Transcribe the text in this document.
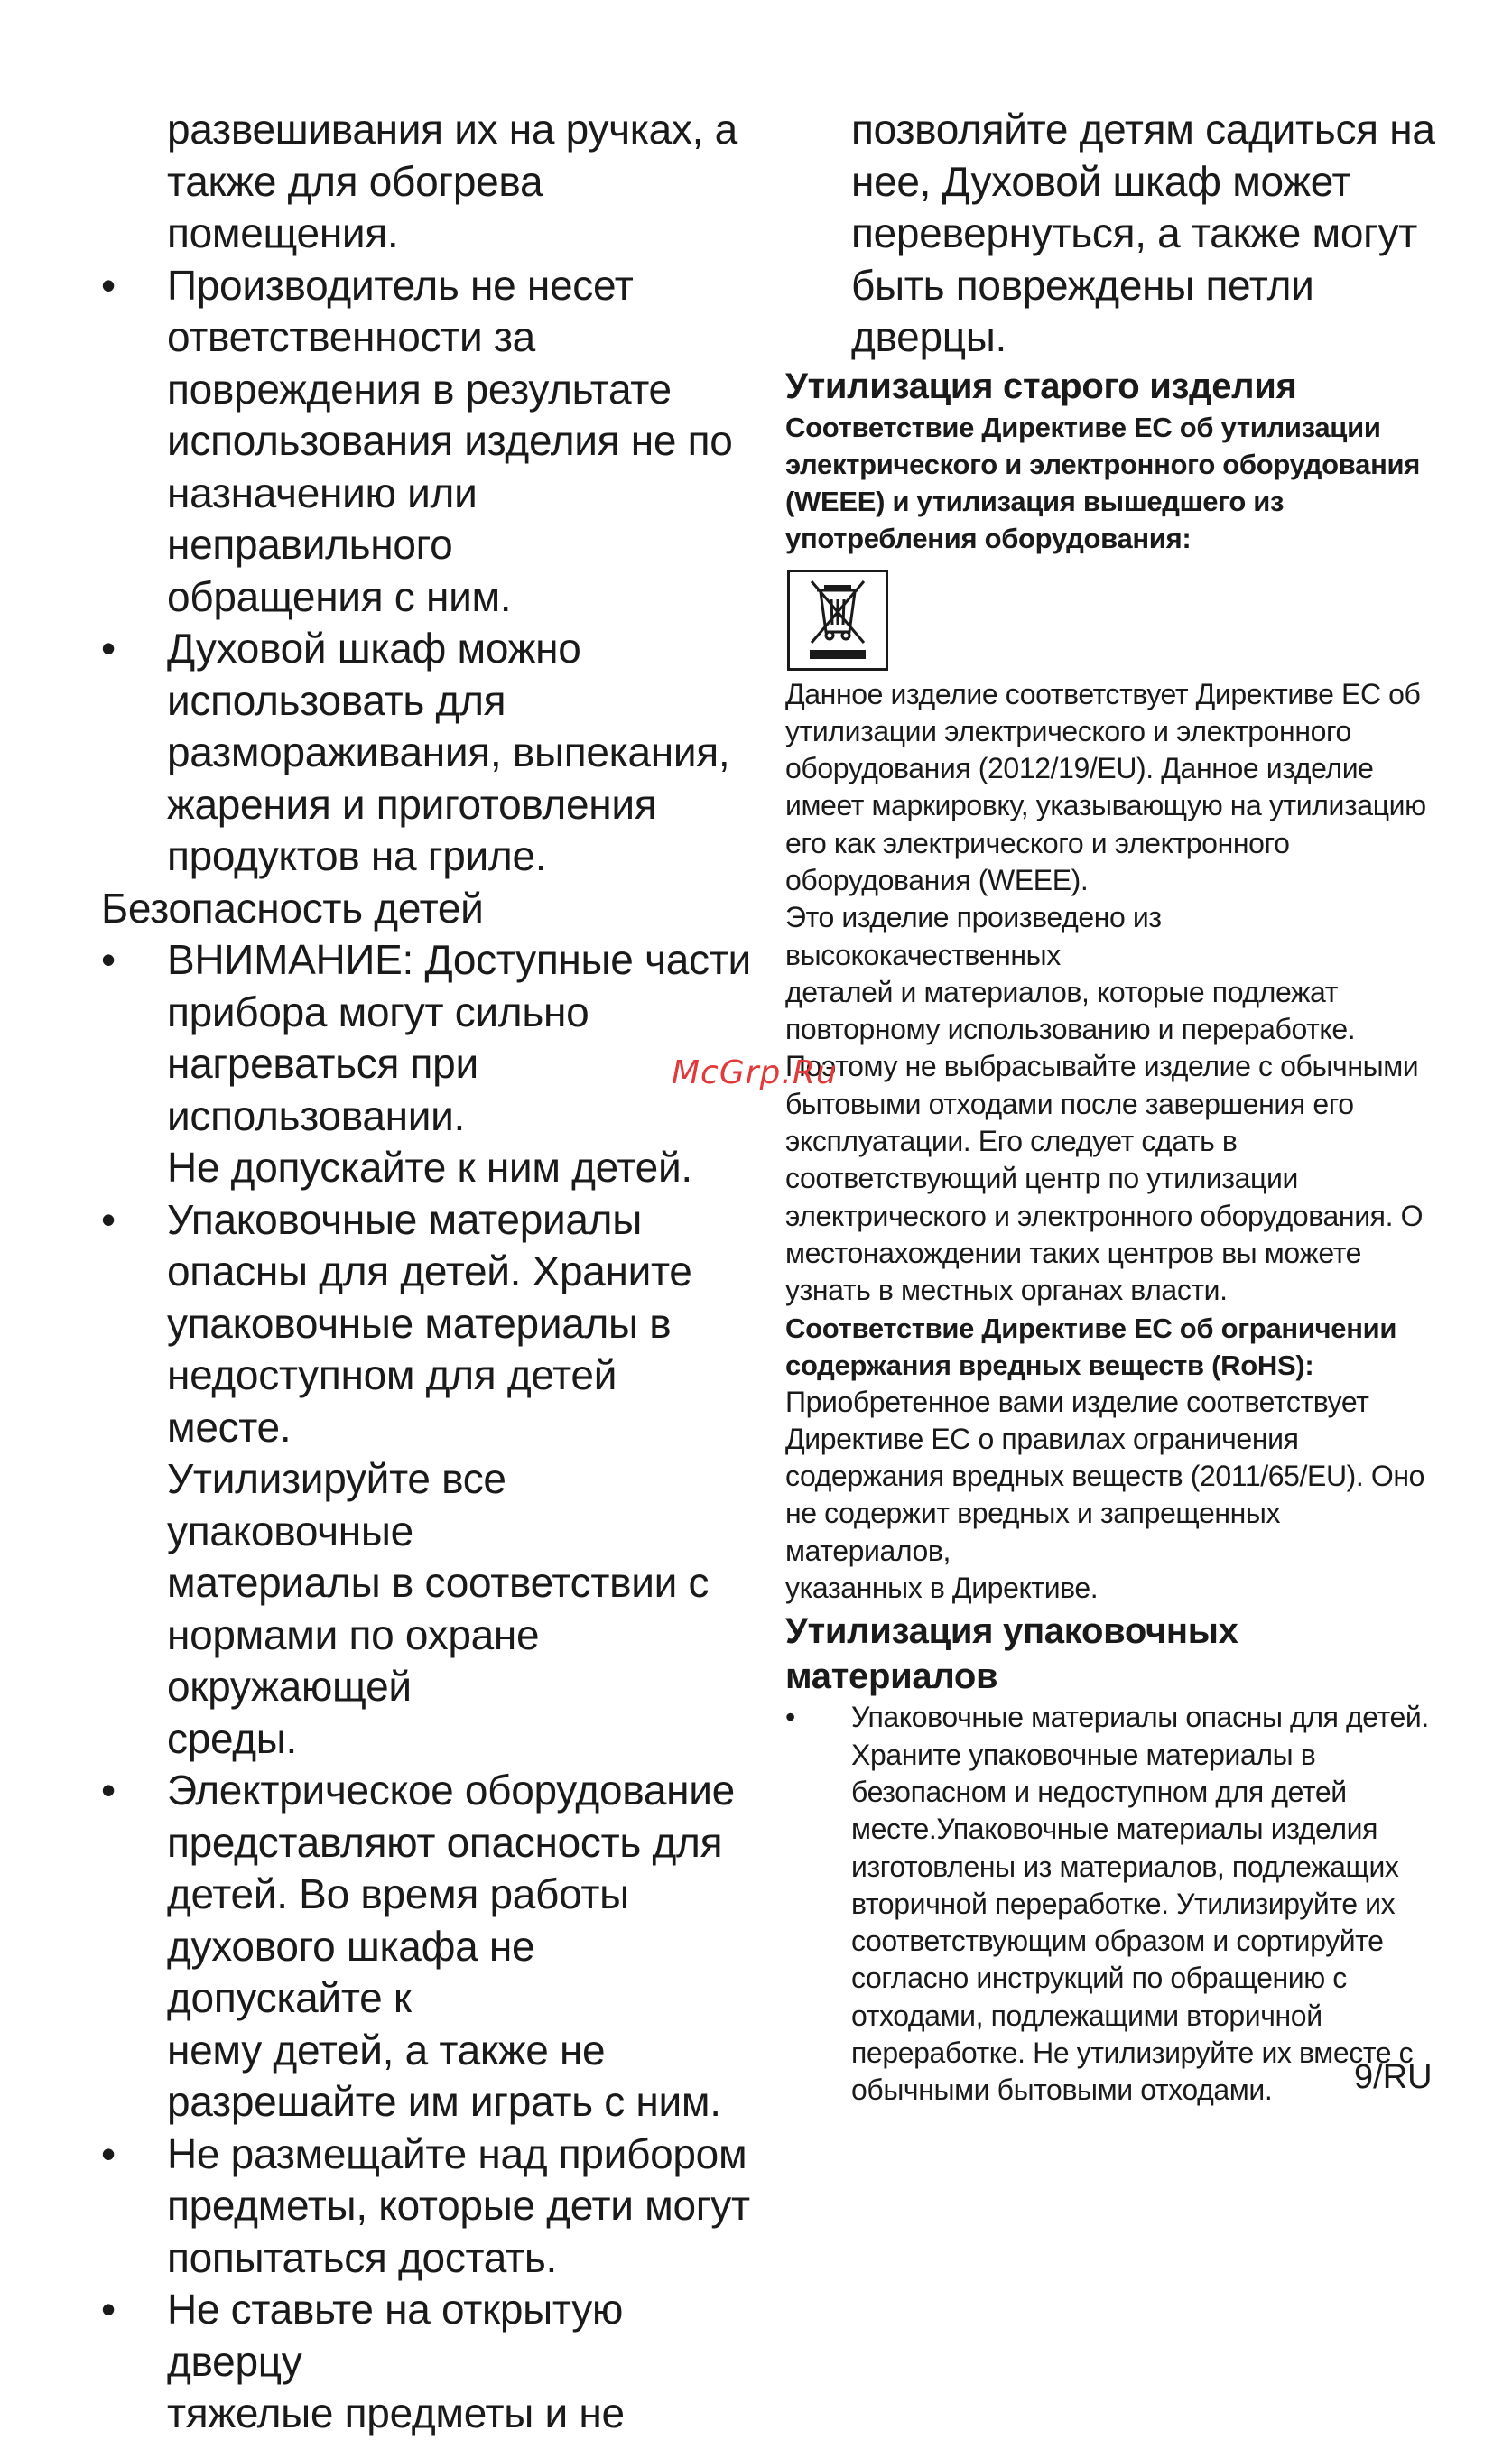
развешивания их на ручках, а
также для обогрева помещения.
• Производитель не несет
ответственности за
повреждения в результате
использования изделия не по
назначению или неправильного
обращения с ним.
• Духовой шкаф можно
использовать для
размораживания, выпекания,
жарения и приготовления
продуктов на гриле.
Безопасность детей
• ВНИМАНИЕ: Доступные части
прибора могут сильно
нагреваться при использовании.
Не допускайте к ним детей.
• Упаковочные материалы
опасны для детей. Храните
упаковочные материалы в
недоступном для детей месте.
Утилизируйте все упаковочные
материалы в соответствии с
нормами по охране окружающей
среды.
• Электрическое оборудование
представляют опасность для
детей. Во время работы
духового шкафа не допускайте к
нему детей, а также не
разрешайте им играть с ним.
• Не размещайте над прибором
предметы, которые дети могут
попытаться достать.
• Не ставьте на открытую дверцу
тяжелые предметы и не
позволяйте детям садиться на
нее, Духовой шкаф может
перевернуться, а также могут
быть повреждены петли дверцы.
Утилизация старого изделия
Соответствие Директиве ЕС об утилизации
электрического и электронного оборудования
(WEEE) и утилизация вышедшего из
употребления оборудования:
Данное изделие соответствует Директиве ЕС об
утилизации электрического и электронного
оборудования (2012/19/EU). Данное изделие
имеет маркировку, указывающую на утилизацию
его как электрического и электронного
оборудования (WEEE).
Это изделие произведено из высококачественных
деталей и материалов, которые подлежат
повторному использованию и переработке.
Поэтому не выбрасывайте изделие с обычными
бытовыми отходами после завершения его
эксплуатации. Его следует сдать в
соответствующий центр по утилизации
электрического и электронного оборудования. О
местонахождении таких центров вы можете
узнать в местных органах власти.
Соответствие Директиве ЕС об ограничении
содержания вредных веществ (RoHS):
Приобретенное вами изделие соответствует
Директиве ЕС о правилах ограничения
содержания вредных веществ (2011/65/EU). Оно
не содержит вредных и запрещенных материалов,
указанных в Директиве.
Утилизация упаковочных материалов
• Упаковочные материалы опасны для детей.
Храните упаковочные материалы в
безопасном и недоступном для детей
месте.Упаковочные материалы изделия
изготовлены из материалов, подлежащих
вторичной переработке. Утилизируйте их
соответствующим образом и сортируйте
согласно инструкций по обращению с
отходами, подлежащими вторичной
переработке. Не утилизируйте их вместе с
обычными бытовыми отходами.
McGrp.Ru
9/RU
